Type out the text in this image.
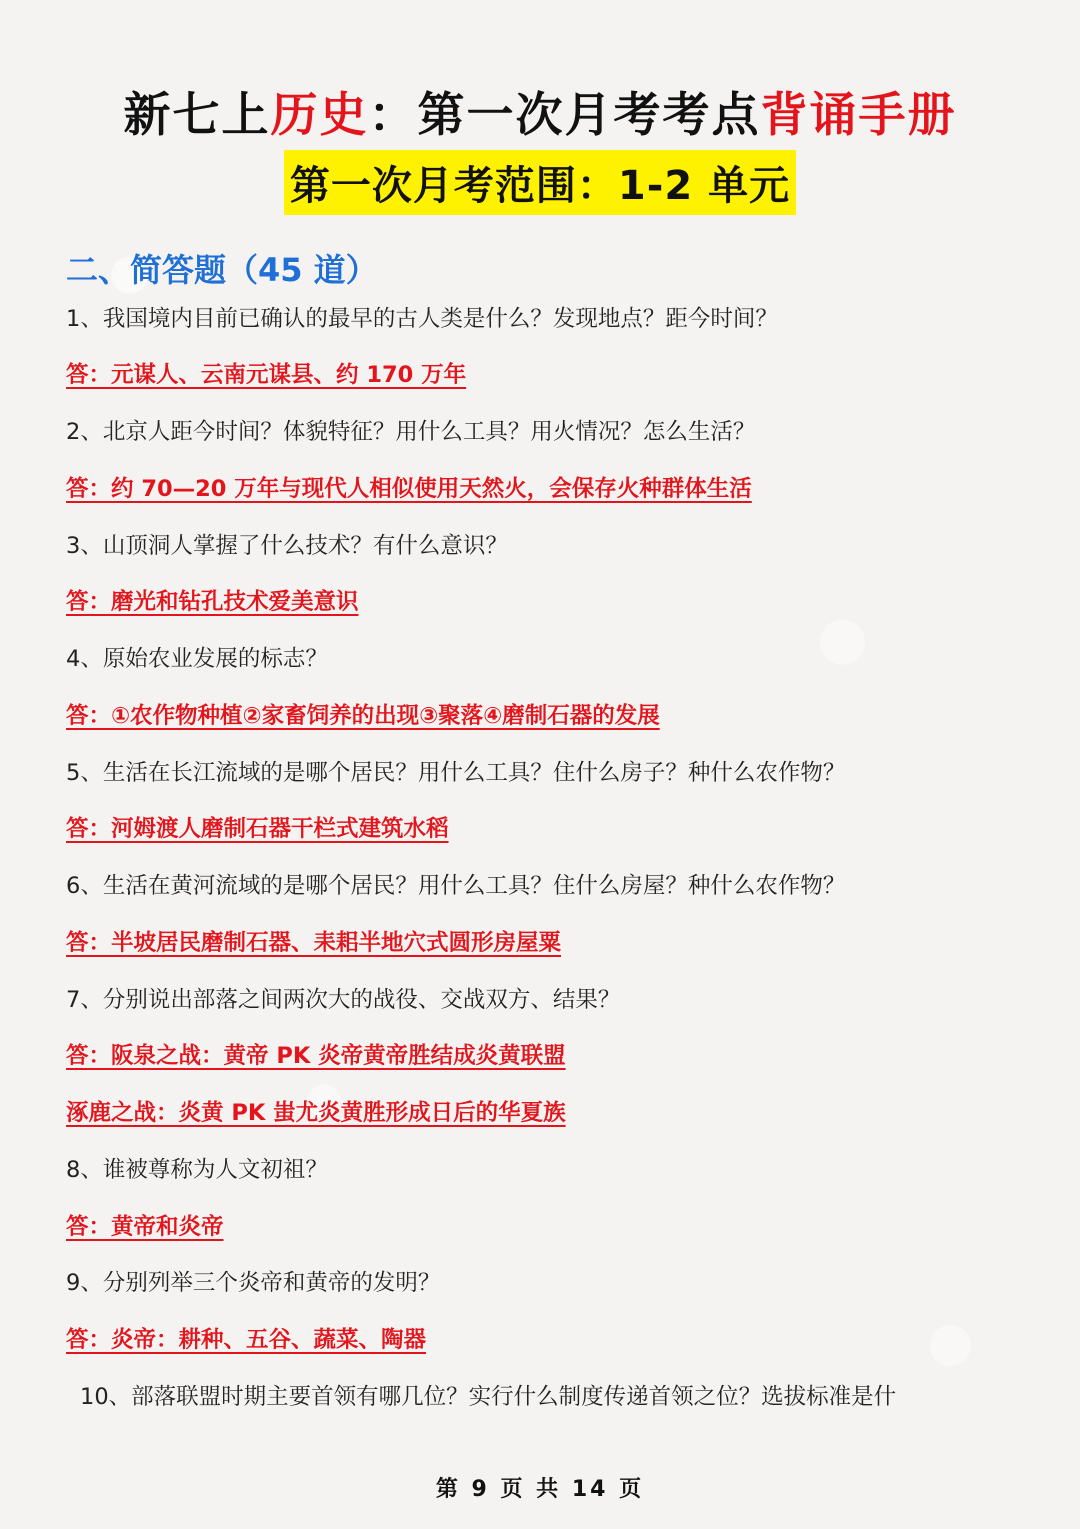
新七上历史：第一次月考考点背诵手册
第一次月考范围：1-2 单元
二、简答题（45 道）
1、我国境内目前已确认的最早的古人类是什么？发现地点？距今时间？
答：元谋人、云南元谋县、约 170 万年
2、北京人距今时间？体貌特征？用什么工具？用火情况？怎么生活？
答：约 70—20 万年与现代人相似使用天然火，会保存火种群体生活
3、山顶洞人掌握了什么技术？有什么意识？
答：磨光和钻孔技术爱美意识
4、原始农业发展的标志？
答：①农作物种植②家畜饲养的出现③聚落④磨制石器的发展
5、生活在长江流域的是哪个居民？用什么工具？住什么房子？种什么农作物？
答：河姆渡人磨制石器干栏式建筑水稻
6、生活在黄河流域的是哪个居民？用什么工具？住什么房屋？种什么农作物？
答：半坡居民磨制石器、耒耜半地穴式圆形房屋粟
7、分别说出部落之间两次大的战役、交战双方、结果？
答：阪泉之战：黄帝 PK 炎帝黄帝胜结成炎黄联盟
涿鹿之战：炎黄 PK 蚩尤炎黄胜形成日后的华夏族
8、谁被尊称为人文初祖？
答：黄帝和炎帝
9、分别列举三个炎帝和黄帝的发明？
答：炎帝：耕种、五谷、蔬菜、陶器
10、部落联盟时期主要首领有哪几位？实行什么制度传递首领之位？选拔标准是什
第 9 页 共 14 页
